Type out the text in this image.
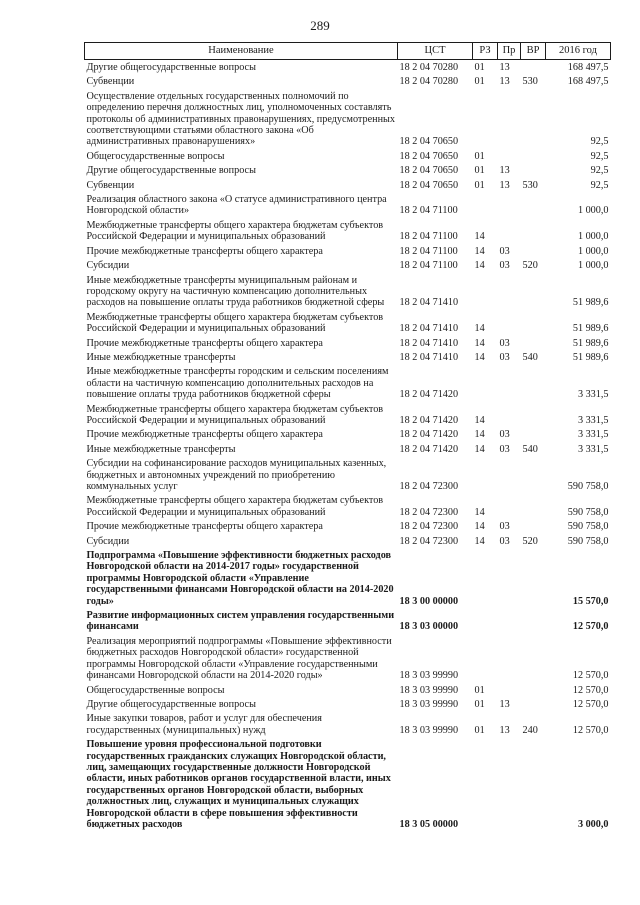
289
Наименование	ЦСТ	РЗ	Пр	ВР	2016 год
Другие общегосударственные вопросы	18 2 04 70280	01	13		168 497,5
Субвенции	18 2 04 70280	01	13	530	168 497,5
Осуществление отдельных государственных полномочий по определению перечня должностных лиц, уполномоченных составлять протоколы об административных правонарушениях, предусмотренных соответствующими статьями областного закона «Об административных правонарушениях»	18 2 04 70650				92,5
Общегосударственные вопросы	18 2 04 70650	01			92,5
Другие общегосударственные вопросы	18 2 04 70650	01	13		92,5
Субвенции	18 2 04 70650	01	13	530	92,5
Реализация областного закона «О статусе административного центра Новгородской области»	18 2 04 71100				1 000,0
Межбюджетные трансферты общего характера бюджетам субъектов Российской Федерации и муниципальных образований	18 2 04 71100	14			1 000,0
Прочие межбюджетные трансферты общего характера	18 2 04 71100	14	03		1 000,0
Субсидии	18 2 04 71100	14	03	520	1 000,0
Иные межбюджетные трансферты муниципальным районам и городскому округу на частичную компенсацию дополнительных расходов на повышение оплаты труда работников бюджетной сферы	18 2 04 71410				51 989,6
Межбюджетные трансферты общего характера бюджетам субъектов Российской Федерации и муниципальных образований	18 2 04 71410	14			51 989,6
Прочие межбюджетные трансферты общего характера	18 2 04 71410	14	03		51 989,6
Иные межбюджетные трансферты	18 2 04 71410	14	03	540	51 989,6
Иные межбюджетные трансферты городским и сельским поселениям области на частичную компенсацию дополнительных расходов на повышение оплаты труда работников бюджетной сферы	18 2 04 71420				3 331,5
Межбюджетные трансферты общего характера бюджетам субъектов Российской Федерации и муниципальных образований	18 2 04 71420	14			3 331,5
Прочие межбюджетные трансферты общего характера	18 2 04 71420	14	03		3 331,5
Иные межбюджетные трансферты	18 2 04 71420	14	03	540	3 331,5
Субсидии на софинансирование расходов муниципальных казенных, бюджетных и автономных учреждений по приобретению коммунальных услуг	18 2 04 72300				590 758,0
Межбюджетные трансферты общего характера бюджетам субъектов Российской Федерации и муниципальных образований	18 2 04 72300	14			590 758,0
Прочие межбюджетные трансферты общего характера	18 2 04 72300	14	03		590 758,0
Субсидии	18 2 04 72300	14	03	520	590 758,0
Подпрограмма «Повышение эффективности бюджетных расходов Новгородской области на 2014-2017 годы» государственной программы Новгородской области «Управление государственными финансами Новгородской области на 2014-2020 годы»	18 3 00 00000				15 570,0
Развитие информационных систем управления государственными финансами	18 3 03 00000				12 570,0
Реализация мероприятий подпрограммы «Повышение эффективности бюджетных расходов Новгородской области» государственной программы Новгородской области «Управление государственными финансами Новгородской области на 2014-2020 годы»	18 3 03 99990				12 570,0
Общегосударственные вопросы	18 3 03 99990	01			12 570,0
Другие общегосударственные вопросы	18 3 03 99990	01	13		12 570,0
Иные закупки товаров, работ и услуг для обеспечения государственных (муниципальных) нужд	18 3 03 99990	01	13	240	12 570,0
Повышение уровня профессиональной подготовки государственных гражданских служащих Новгородской области, лиц, замещающих государственные должности Новгородской области, иных работников органов государственной власти, иных государственных органов Новгородской области, выборных должностных лиц, служащих и муниципальных служащих Новгородской области в сфере повышения эффективности бюджетных расходов	18 3 05 00000				3 000,0
